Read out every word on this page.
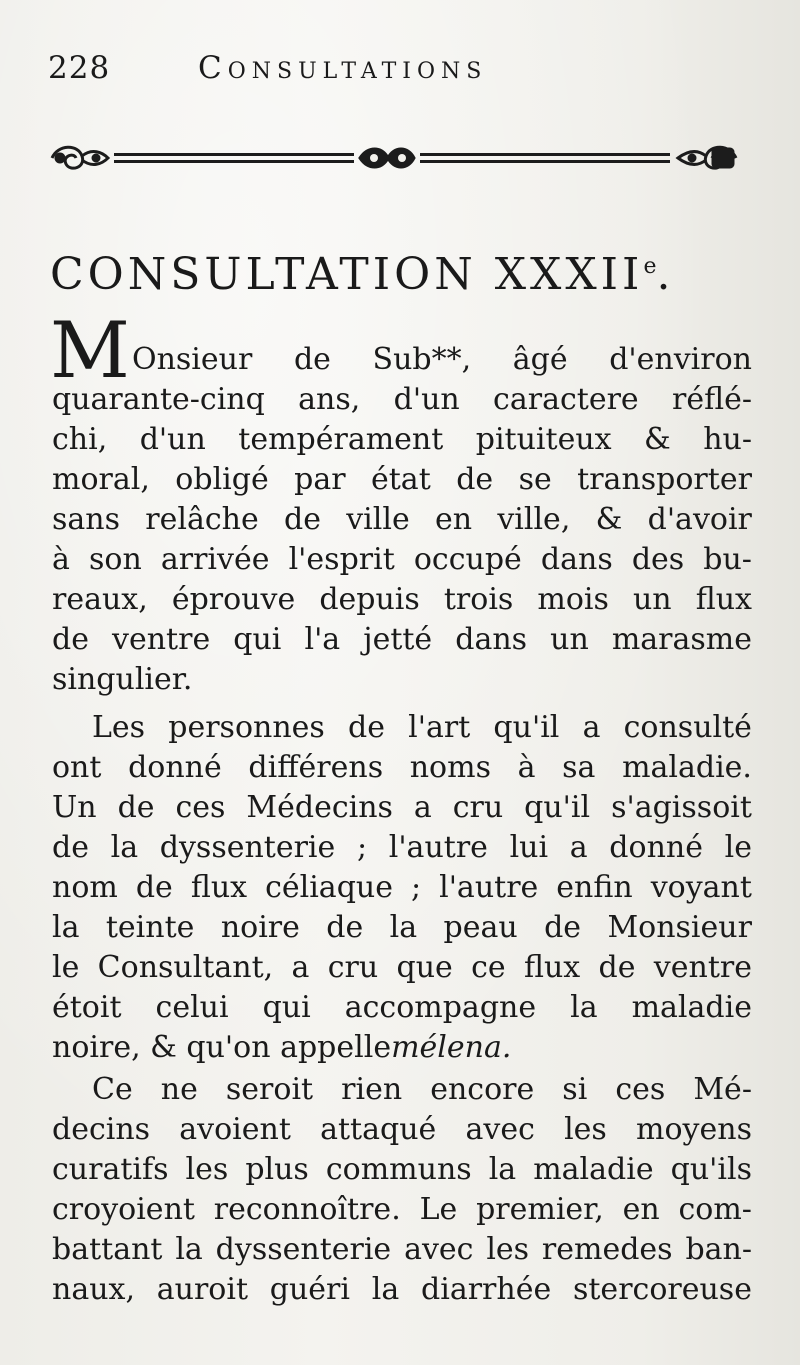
228	Consultations
CONSULTATION XXXIIe.
M Onsieur de Sub**, âgé d'environ
quarante-cinq ans, d'un caractere réflé-
chi, d'un tempérament pituiteux & hu-
moral, obligé par état de se transporter
sans relâche de ville en ville, & d'avoir
à son arrivée l'esprit occupé dans des bu-
reaux, éprouve depuis trois mois un flux
de ventre qui l'a jetté dans un marasme
singulier.
Les personnes de l'art qu'il a consulté
ont donné différens noms à sa maladie.
Un de ces Médecins a cru qu'il s'agissoit
de la dyssenterie ; l'autre lui a donné le
nom de flux céliaque ; l'autre enfin voyant
la teinte noire de la peau de Monsieur
le Consultant, a cru que ce flux de ventre
étoit celui qui accompagne la maladie
noire, & qu'on appelle mélena.
Ce ne seroit rien encore si ces Mé-
decins avoient attaqué avec les moyens
curatifs les plus communs la maladie qu'ils
croyoient reconnoître. Le premier, en com-
battant la dyssenterie avec les remedes ban-
naux, auroit guéri la diarrhée stercoreuse
